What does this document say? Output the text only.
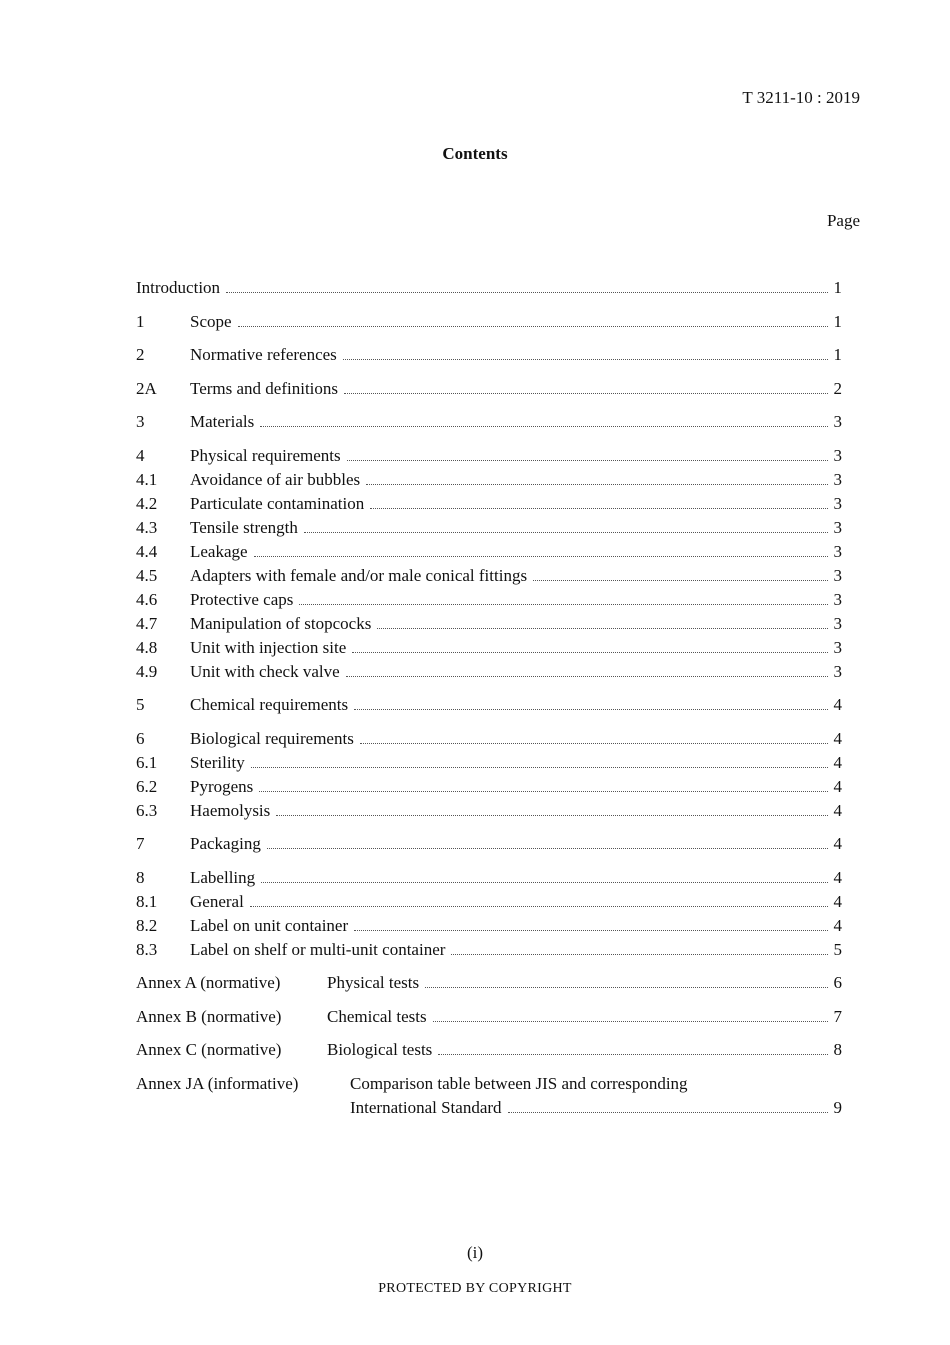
T 3211-10 : 2019
Contents
Page
Introduction	1
1	Scope	1
2	Normative references	1
2A	Terms and definitions	2
3	Materials	3
4	Physical requirements	3
4.1	Avoidance of air bubbles	3
4.2	Particulate contamination	3
4.3	Tensile strength	3
4.4	Leakage	3
4.5	Adapters with female and/or male conical fittings	3
4.6	Protective caps	3
4.7	Manipulation of stopcocks	3
4.8	Unit with injection site	3
4.9	Unit with check valve	3
5	Chemical requirements	4
6	Biological requirements	4
6.1	Sterility	4
6.2	Pyrogens	4
6.3	Haemolysis	4
7	Packaging	4
8	Labelling	4
8.1	General	4
8.2	Label on unit container	4
8.3	Label on shelf or multi-unit container	5
Annex A (normative)	Physical tests	6
Annex B (normative)	Chemical tests	7
Annex C (normative)	Biological tests	8
Annex JA (informative)	Comparison table between JIS and corresponding
International Standard	9
(i)
PROTECTED BY COPYRIGHT
